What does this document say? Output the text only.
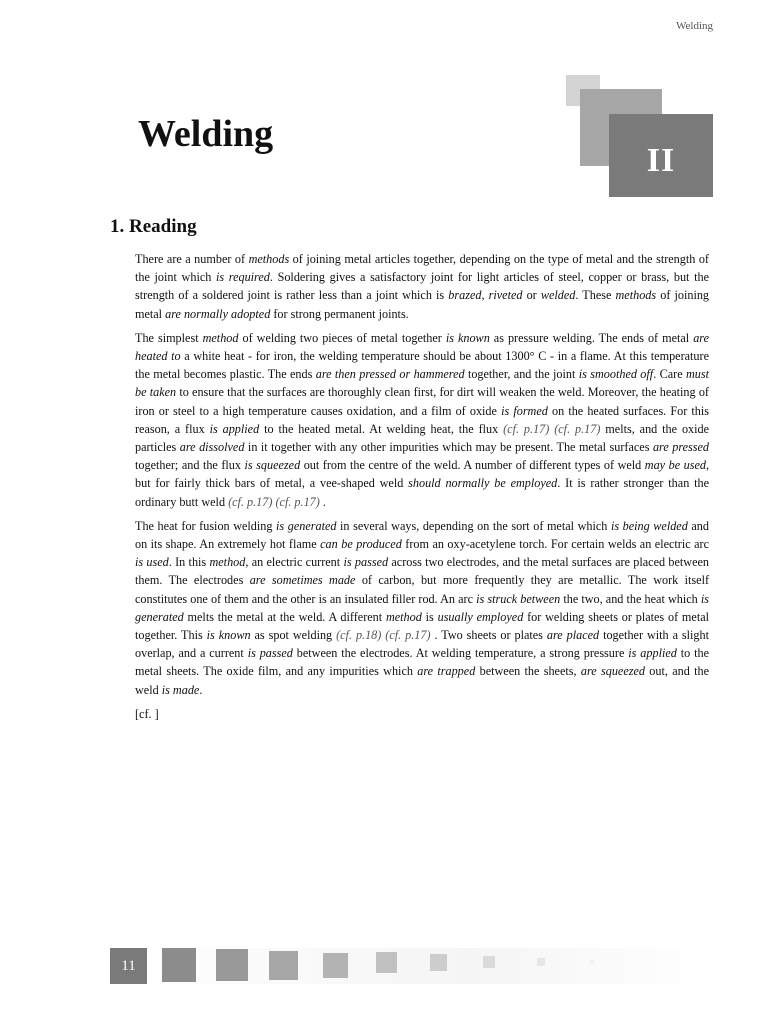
Welding
II
Welding
1. Reading

There are a number of methods of joining metal articles together, depending on the type of metal and the strength of the joint which is required. Soldering gives a satisfactory joint for light articles of steel, copper or brass, but the strength of a soldered joint is rather less than a joint which is brazed, riveted or welded. These methods of joining metal are normally adopted for strong permanent joints.

The simplest method of welding two pieces of metal together is known as pressure welding. The ends of metal are heated to a white heat - for iron, the welding temperature should be about 1300° C - in a flame. At this temperature the metal becomes plastic. The ends are then pressed or hammered together, and the joint is smoothed off. Care must be taken to ensure that the surfaces are thoroughly clean first, for dirt will weaken the weld. Moreover, the heating of iron or steel to a high temperature causes oxidation, and a film of oxide is formed on the heated surfaces. For this reason, a flux is applied to the heated metal. At welding heat, the flux (cf. p.17) (cf. p.17) melts, and the oxide particles are dissolved in it together with any other impurities which may be present. The metal surfaces are pressed together; and the flux is squeezed out from the centre of the weld. A number of different types of weld may be used, but for fairly thick bars of metal, a vee-shaped weld should normally be employed. It is rather stronger than the ordinary butt weld (cf. p.17) (cf. p.17) .

The heat for fusion welding is generated in several ways, depending on the sort of metal which is being welded and on its shape. An extremely hot flame can be produced from an oxy-acetylene torch. For certain welds an electric arc is used. In this method, an electric current is passed across two electrodes, and the metal surfaces are placed between them. The electrodes are sometimes made of carbon, but more frequently they are metallic. The work itself constitutes one of them and the other is an insulated filler rod. An arc is struck between the two, and the heat which is generated melts the metal at the weld. A different method is usually employed for welding sheets or plates of metal together. This is known as spot welding (cf. p.18) (cf. p.17) . Two sheets or plates are placed together with a slight overlap, and a current is passed between the electrodes. At welding temperature, a strong pressure is applied to the metal sheets. The oxide film, and any impurities which are trapped between the sheets, are squeezed out, and the weld is made.

[cf. ]

11
